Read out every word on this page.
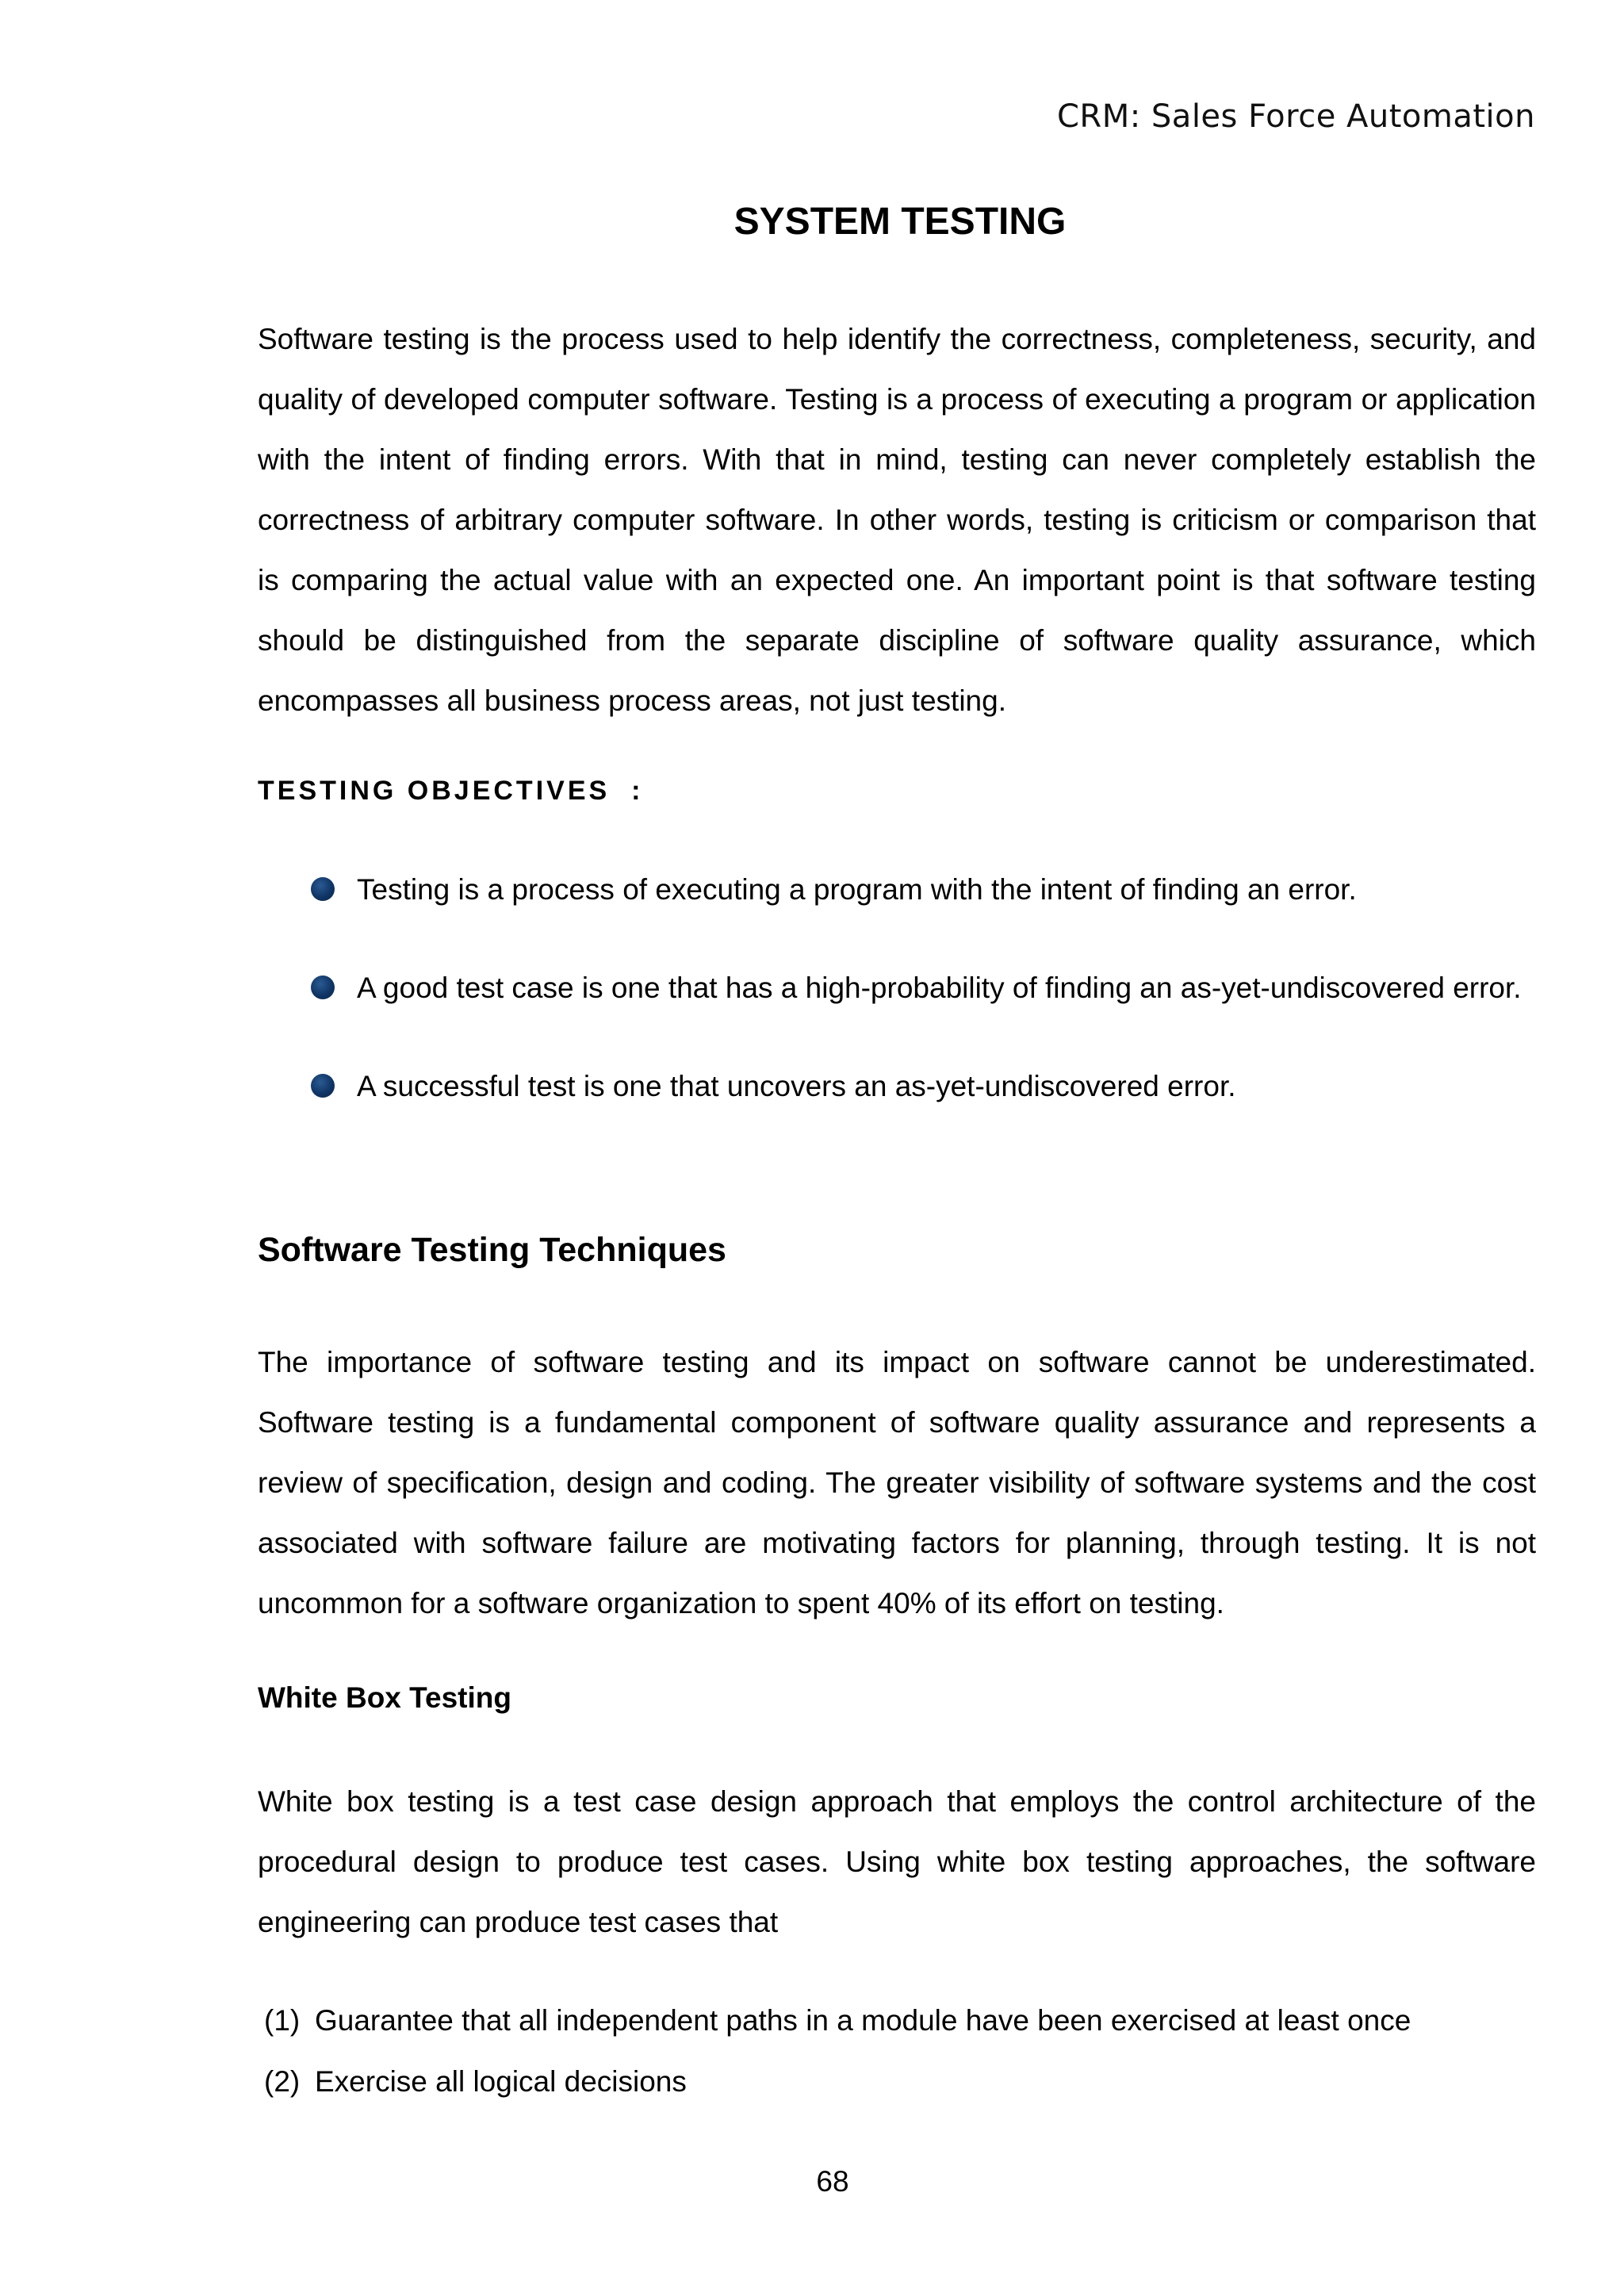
CRM: Sales Force Automation
SYSTEM TESTING

Software testing is the process used to help identify the correctness, completeness, security, and quality of developed computer software. Testing is a process of executing a program or application with the intent of finding errors. With that in mind, testing can never completely establish the correctness of arbitrary computer software. In other words, testing is criticism or comparison that is comparing the actual value with an expected one. An important point is that software testing should be distinguished from the separate discipline of software quality assurance, which encompasses all business process areas, not just testing.

TESTING OBJECTIVES  :
Testing is a process of executing a program with the intent of finding an error.
A good test case is one that has a high-probability of finding an as-yet-undiscovered error.
A successful test is one that uncovers an as-yet-undiscovered error.
Software Testing Techniques

The importance of software testing and its impact on software cannot be underestimated. Software testing is a fundamental component of software quality assurance and represents a review of specification, design and coding. The greater visibility of software systems and the cost associated with software failure are motivating factors for planning, through testing. It is not uncommon for a software organization to spent 40% of its effort on testing.

White Box Testing

White box testing is a test case design approach that employs the control architecture of the procedural design to produce test cases. Using white box testing approaches, the software engineering can produce test cases that

(1) Guarantee that all independent paths in a module have been exercised at least once
(2) Exercise all logical decisions
68
